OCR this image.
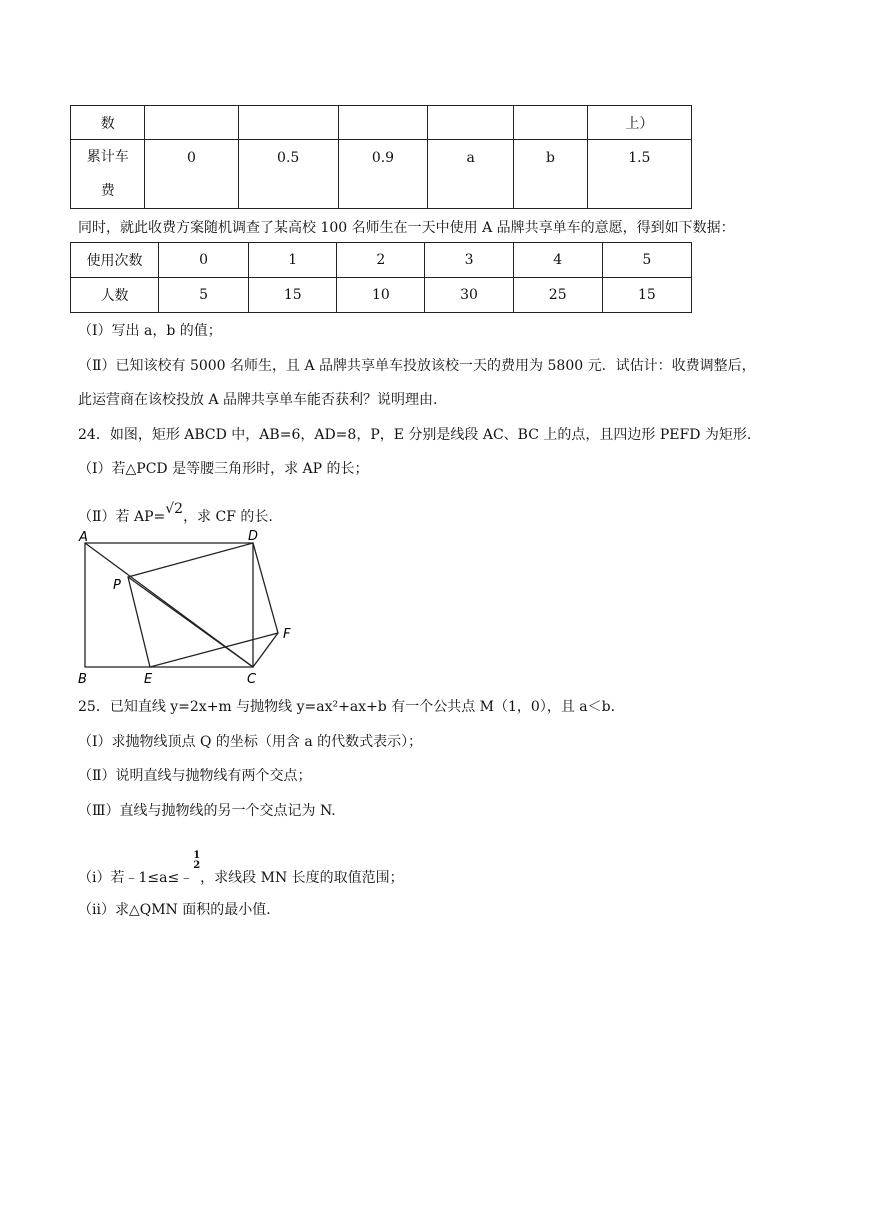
数						上）
累计车
费	0	0.5	0.9	a	b	1.5
同时，就此收费方案随机调查了某高校 100 名师生在一天中使用 A 品牌共享单车的意愿，得到如下数据：
使用次数	0	1	2	3	4	5
人数	5	15	10	30	25	15
（Ⅰ）写出 a，b 的值；
（Ⅱ）已知该校有 5000 名师生，且 A 品牌共享单车投放该校一天的费用为 5800 元．试估计：收费调整后，
此运营商在该校投放 A 品牌共享单车能否获利？说明理由.
24．如图，矩形 ABCD 中，AB=6，AD=8，P，E 分别是线段 AC、BC 上的点，且四边形 PEFD 为矩形.
（Ⅰ）若△PCD 是等腰三角形时，求 AP 的长；
（Ⅱ）若 AP=√2，求 CF 的长.
A	D
P
F
B	E	C
25．已知直线 y=2x+m 与抛物线 y=ax²+ax+b 有一个公共点 M（1，0），且 a＜b.
（Ⅰ）求抛物线顶点 Q 的坐标（用含 a 的代数式表示）；
（Ⅱ）说明直线与抛物线有两个交点；
（Ⅲ）直线与抛物线的另一个交点记为 N.
（ⅰ）若﹣1≤a≤﹣
1
2
，求线段 MN 长度的取值范围；
（ⅱ）求△QMN 面积的最小值.
